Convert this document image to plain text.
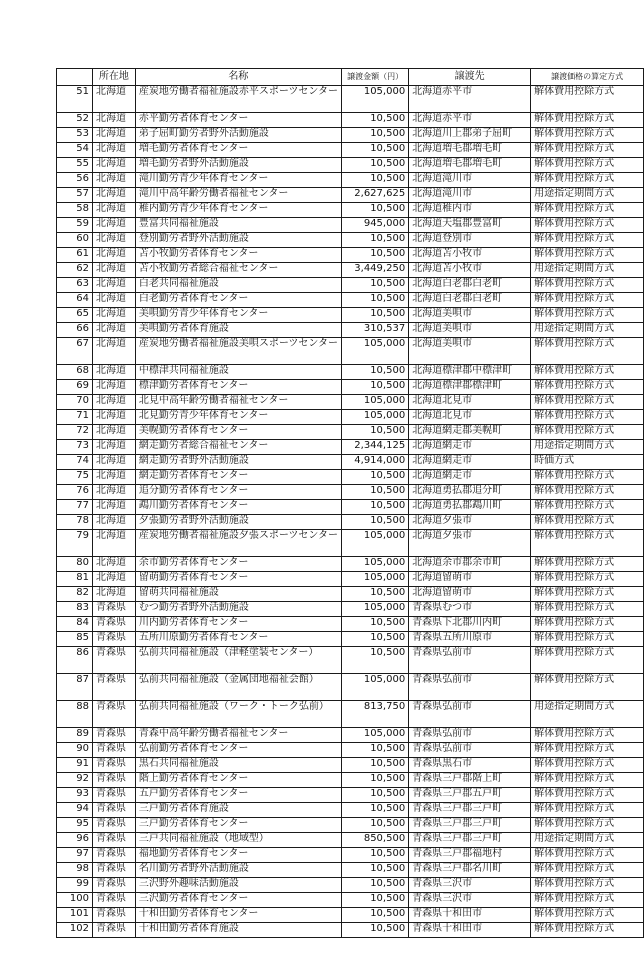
	所在地	名称	譲渡金額（円）	譲渡先	譲渡価格の算定方式
51	北海道	産炭地労働者福祉施設赤平スポーツセンター	105,000	北海道赤平市	解体費用控除方式
52	北海道	赤平勤労者体育センター	10,500	北海道赤平市	解体費用控除方式
53	北海道	弟子屈町勤労者野外活動施設	10,500	北海道川上郡弟子屈町	解体費用控除方式
54	北海道	増毛勤労者体育センター	10,500	北海道増毛郡増毛町	解体費用控除方式
55	北海道	増毛勤労者野外活動施設	10,500	北海道増毛郡増毛町	解体費用控除方式
56	北海道	滝川勤労青少年体育センター	10,500	北海道滝川市	解体費用控除方式
57	北海道	滝川中高年齢労働者福祉センター	2,627,625	北海道滝川市	用途指定期間方式
58	北海道	稚内勤労青少年体育センター	10,500	北海道稚内市	解体費用控除方式
59	北海道	豊富共同福祉施設	945,000	北海道天塩郡豊富町	解体費用控除方式
60	北海道	登別勤労者野外活動施設	10,500	北海道登別市	解体費用控除方式
61	北海道	苫小牧勤労者体育センター	10,500	北海道苫小牧市	解体費用控除方式
62	北海道	苫小牧勤労者総合福祉センター	3,449,250	北海道苫小牧市	用途指定期間方式
63	北海道	白老共同福祉施設	10,500	北海道白老郡白老町	解体費用控除方式
64	北海道	白老勤労者体育センター	10,500	北海道白老郡白老町	解体費用控除方式
65	北海道	美唄勤労青少年体育センター	10,500	北海道美唄市	解体費用控除方式
66	北海道	美唄勤労者体育施設	310,537	北海道美唄市	用途指定期間方式
67	北海道	産炭地労働者福祉施設美唄スポーツセンター	105,000	北海道美唄市	解体費用控除方式
68	北海道	中標津共同福祉施設	10,500	北海道標津郡中標津町	解体費用控除方式
69	北海道	標津勤労者体育センター	10,500	北海道標津郡標津町	解体費用控除方式
70	北海道	北見中高年齢労働者福祉センター	105,000	北海道北見市	解体費用控除方式
71	北海道	北見勤労青少年体育センター	105,000	北海道北見市	解体費用控除方式
72	北海道	美幌勤労者体育センター	10,500	北海道網走郡美幌町	解体費用控除方式
73	北海道	網走勤労者総合福祉センター	2,344,125	北海道網走市	用途指定期間方式
74	北海道	網走勤労者野外活動施設	4,914,000	北海道網走市	時価方式
75	北海道	網走勤労者体育センター	10,500	北海道網走市	解体費用控除方式
76	北海道	追分勤労者体育センター	10,500	北海道勇払郡追分町	解体費用控除方式
77	北海道	鵡川勤労者体育センター	10,500	北海道勇払郡鵡川町	解体費用控除方式
78	北海道	夕張勤労者野外活動施設	10,500	北海道夕張市	解体費用控除方式
79	北海道	産炭地労働者福祉施設夕張スポーツセンター	105,000	北海道夕張市	解体費用控除方式
80	北海道	余市勤労者体育センター	105,000	北海道余市郡余市町	解体費用控除方式
81	北海道	留萌勤労者体育センター	105,000	北海道留萌市	解体費用控除方式
82	北海道	留萌共同福祉施設	10,500	北海道留萌市	解体費用控除方式
83	青森県	むつ勤労者野外活動施設	105,000	青森県むつ市	解体費用控除方式
84	青森県	川内勤労者体育センター	10,500	青森県下北郡川内町	解体費用控除方式
85	青森県	五所川原勤労者体育センター	10,500	青森県五所川原市	解体費用控除方式
86	青森県	弘前共同福祉施設（津軽塗装センター）	10,500	青森県弘前市	解体費用控除方式
87	青森県	弘前共同福祉施設（金属団地福祉会館）	105,000	青森県弘前市	解体費用控除方式
88	青森県	弘前共同福祉施設（ワーク・トーク弘前）	813,750	青森県弘前市	用途指定期間方式
89	青森県	青森中高年齢労働者福祉センター	105,000	青森県弘前市	解体費用控除方式
90	青森県	弘前勤労者体育センター	10,500	青森県弘前市	解体費用控除方式
91	青森県	黒石共同福祉施設	10,500	青森県黒石市	解体費用控除方式
92	青森県	階上勤労者体育センター	10,500	青森県三戸郡階上町	解体費用控除方式
93	青森県	五戸勤労者体育センター	10,500	青森県三戸郡五戸町	解体費用控除方式
94	青森県	三戸勤労者体育施設	10,500	青森県三戸郡三戸町	解体費用控除方式
95	青森県	三戸勤労者体育センター	10,500	青森県三戸郡三戸町	解体費用控除方式
96	青森県	三戸共同福祉施設（地域型）	850,500	青森県三戸郡三戸町	用途指定期間方式
97	青森県	福地勤労者体育センター	10,500	青森県三戸郡福地村	解体費用控除方式
98	青森県	名川勤労者野外活動施設	10,500	青森県三戸郡名川町	解体費用控除方式
99	青森県	三沢野外趣味活動施設	10,500	青森県三沢市	解体費用控除方式
100	青森県	三沢勤労者体育センター	10,500	青森県三沢市	解体費用控除方式
101	青森県	十和田勤労者体育センター	10,500	青森県十和田市	解体費用控除方式
102	青森県	十和田勤労者体育施設	10,500	青森県十和田市	解体費用控除方式
